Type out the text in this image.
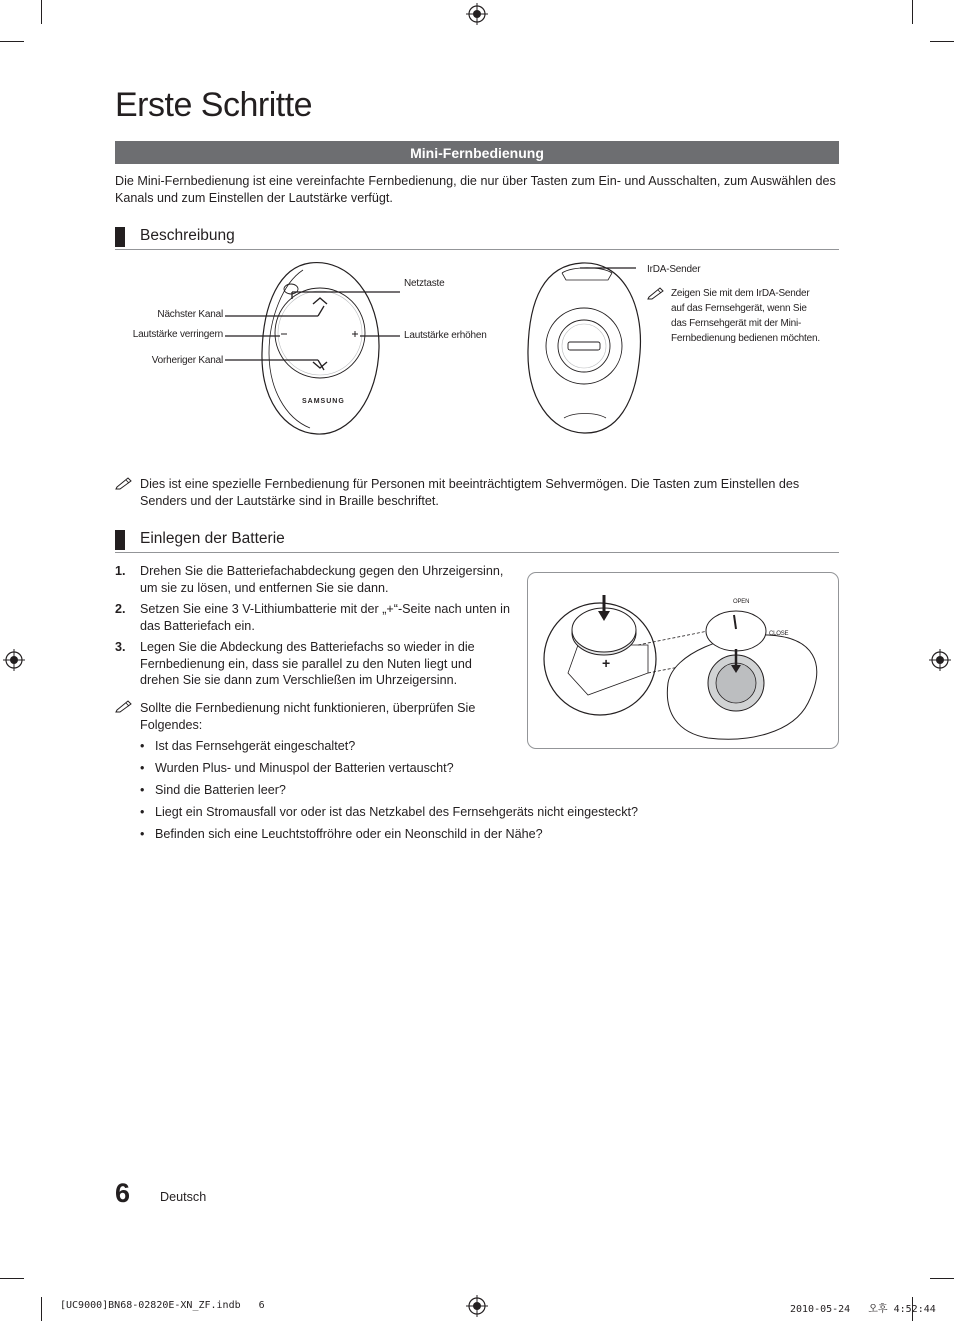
Erste Schritte
Mini-Fernbedienung
Die Mini-Fernbedienung ist eine vereinfachte Fernbedienung, die nur über Tasten zum Ein- und Ausschalten, zum Auswählen des Kanals und zum Einstellen der Lautstärke verfügt.
Beschreibung
SAMSUNG
Netztaste
Nächster Kanal
Lautstärke verringern
Vorheriger Kanal
Lautstärke erhöhen
IrDA-Sender
Zeigen Sie mit dem IrDA-Sender
auf das Fernsehgerät, wenn Sie
das Fernsehgerät mit der Mini-
Fernbedienung bedienen möchten.
Dies ist eine spezielle Fernbedienung für Personen mit beeinträchtigtem Sehvermögen. Die Tasten zum Einstellen des Senders und der Lautstärke sind in Braille beschriftet.
Einlegen der Batterie
1. Drehen Sie die Batteriefachabdeckung gegen den Uhrzeigersinn, um sie zu lösen, und entfernen Sie sie dann.
2. Setzen Sie eine 3 V-Lithiumbatterie mit der „+“-Seite nach unten in das Batteriefach ein.
3. Legen Sie die Abdeckung des Batteriefachs so wieder in die Fernbedienung ein, dass sie parallel zu den Nuten liegt und drehen Sie sie dann zum Verschließen im Uhrzeigersinn.
Sollte die Fernbedienung nicht funktionieren, überprüfen Sie Folgendes:
• Ist das Fernsehgerät eingeschaltet?
• Wurden Plus- und Minuspol der Batterien vertauscht?
• Sind die Batterien leer?
• Liegt ein Stromausfall vor oder ist das Netzkabel des Fernsehgeräts nicht eingesteckt?
• Befinden sich eine Leuchtstoffröhre oder ein Neonschild in der Nähe?
+
OPEN
CLOSE
6 Deutsch
[UC9000]BN68-02820E-XN_ZF.indb   6	2010-05-24   오후 4:52:44
